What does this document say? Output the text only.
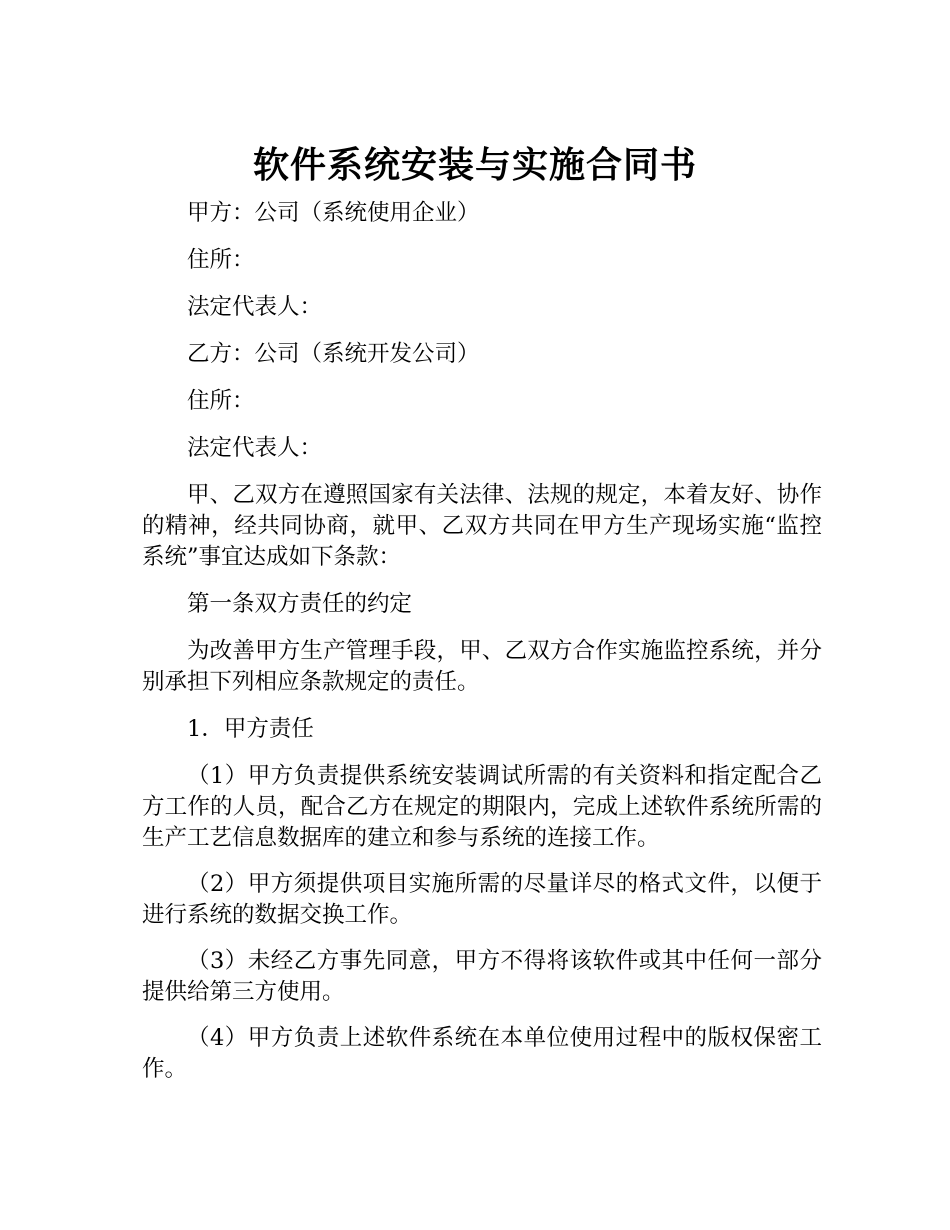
软件系统安装与实施合同书

甲方：公司（系统使用企业）

住所：

法定代表人：

乙方：公司（系统开发公司）

住所：

法定代表人：

甲、乙双方在遵照国家有关法律、法规的规定，本着友好、协作的精神，经共同协商，就甲、乙双方共同在甲方生产现场实施“监控系统”事宜达成如下条款：

第一条双方责任的约定

为改善甲方生产管理手段，甲、乙双方合作实施监控系统，并分别承担下列相应条款规定的责任。

1．甲方责任

（1）甲方负责提供系统安装调试所需的有关资料和指定配合乙方工作的人员，配合乙方在规定的期限内，完成上述软件系统所需的生产工艺信息数据库的建立和参与系统的连接工作。

（2）甲方须提供项目实施所需的尽量详尽的格式文件，以便于进行系统的数据交换工作。

（3）未经乙方事先同意，甲方不得将该软件或其中任何一部分提供给第三方使用。

（4）甲方负责上述软件系统在本单位使用过程中的版权保密工作。
